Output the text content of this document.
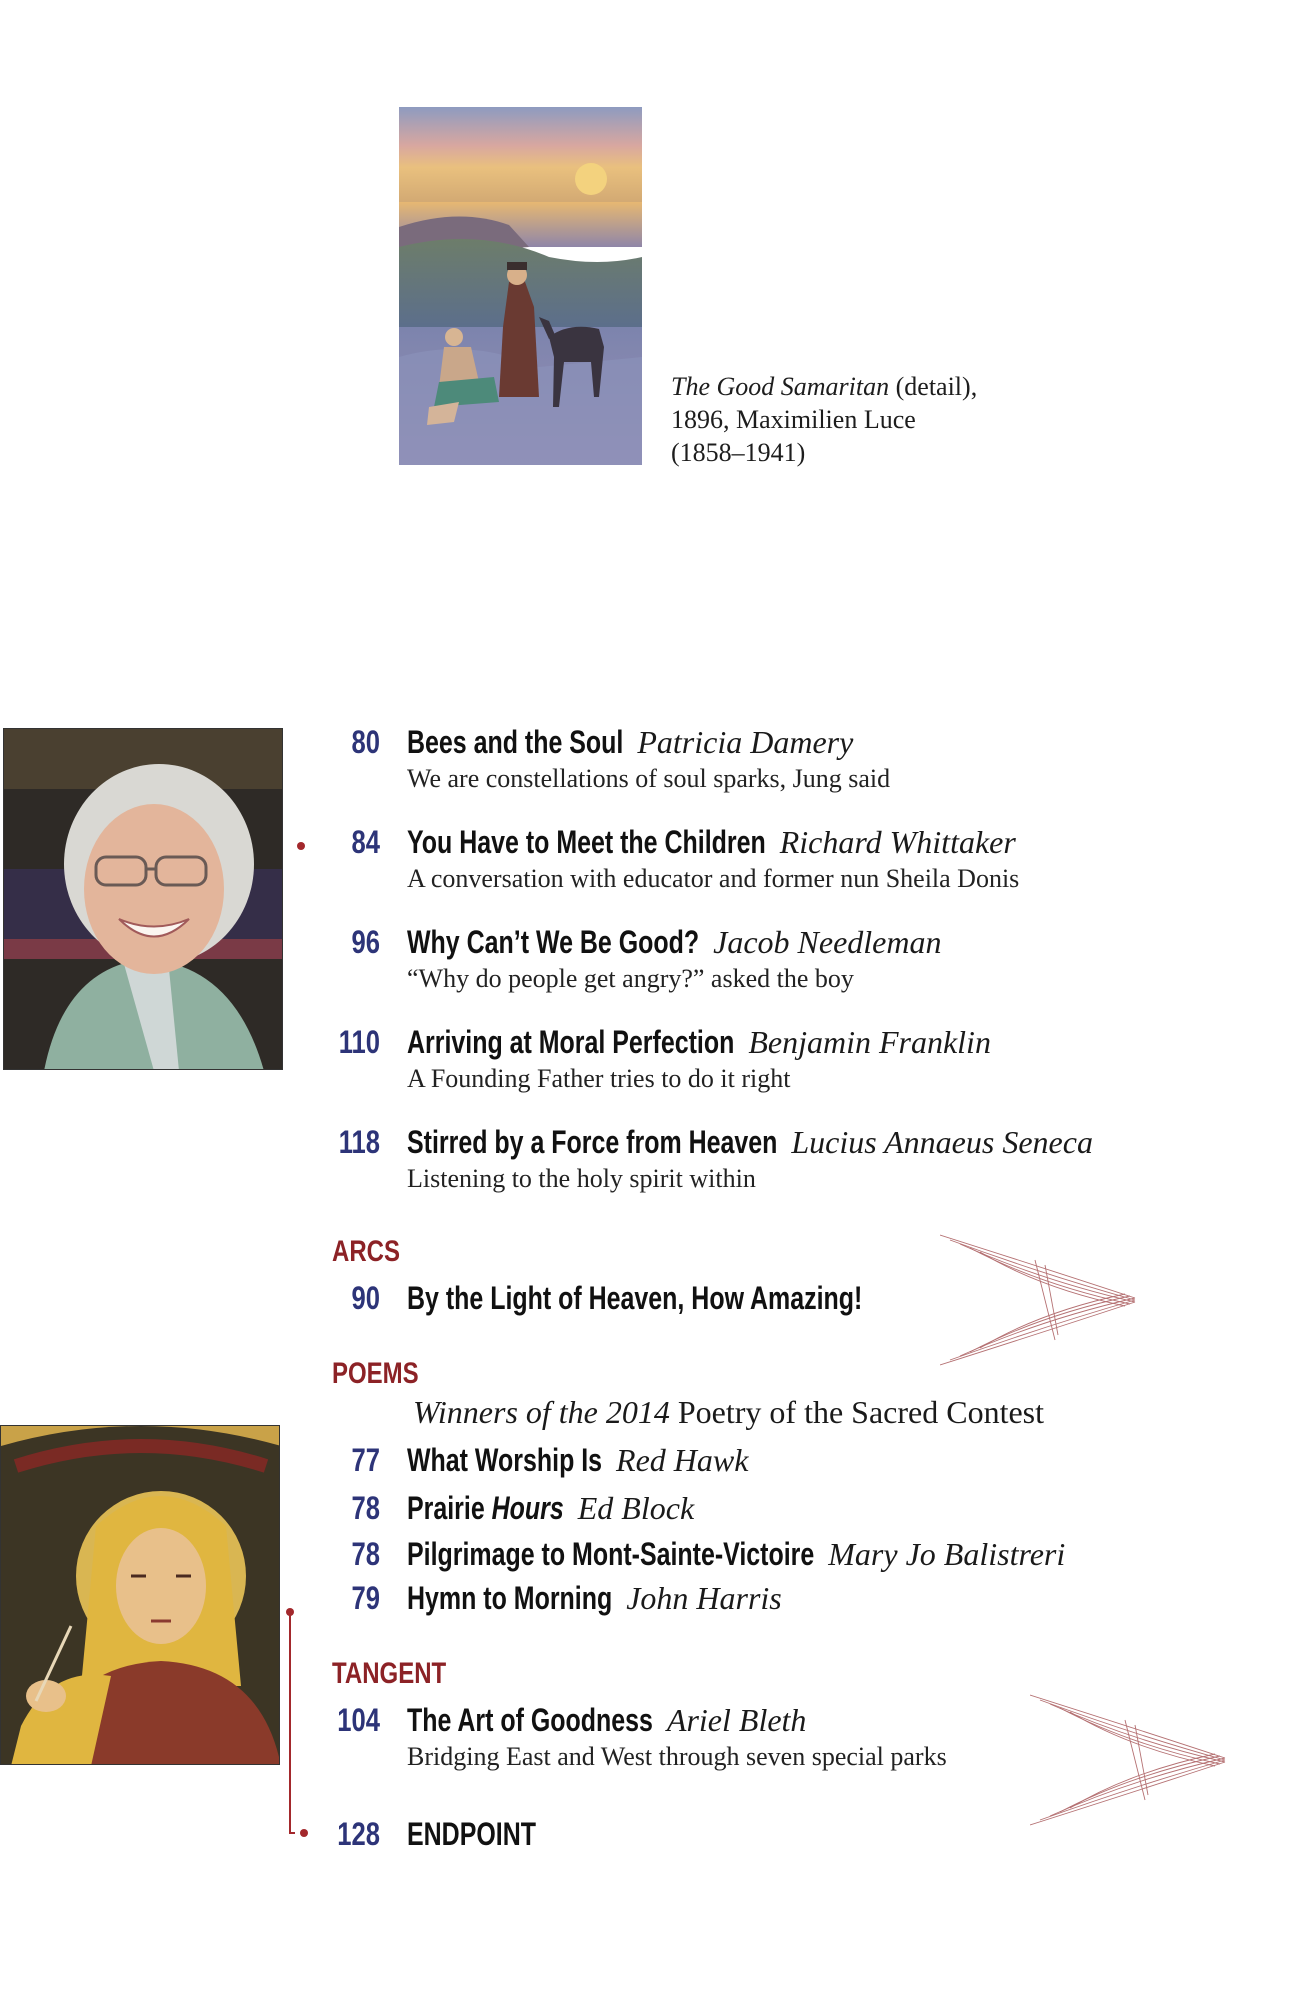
The Good Samaritan (detail),
1896, Maximilien Luce
(1858–1941)
80 Bees and the Soul Patricia Damery
We are constellations of soul sparks, Jung said
84 You Have to Meet the Children Richard Whittaker
A conversation with educator and former nun Sheila Donis
96 Why Can’t We Be Good? Jacob Needleman
“Why do people get angry?” asked the boy
110 Arriving at Moral Perfection Benjamin Franklin
A Founding Father tries to do it right
118 Stirred by a Force from Heaven Lucius Annaeus Seneca
Listening to the holy spirit within
ARCS
90 By the Light of Heaven, How Amazing!
POEMS
Winners of the 2014 Poetry of the Sacred Contest
77 What Worship Is Red Hawk
78 Prairie Hours Ed Block
78 Pilgrimage to Mont-Sainte-Victoire Mary Jo Balistreri
79 Hymn to Morning John Harris
TANGENT
104 The Art of Goodness Ariel Bleth
Bridging East and West through seven special parks
128 ENDPOINT
